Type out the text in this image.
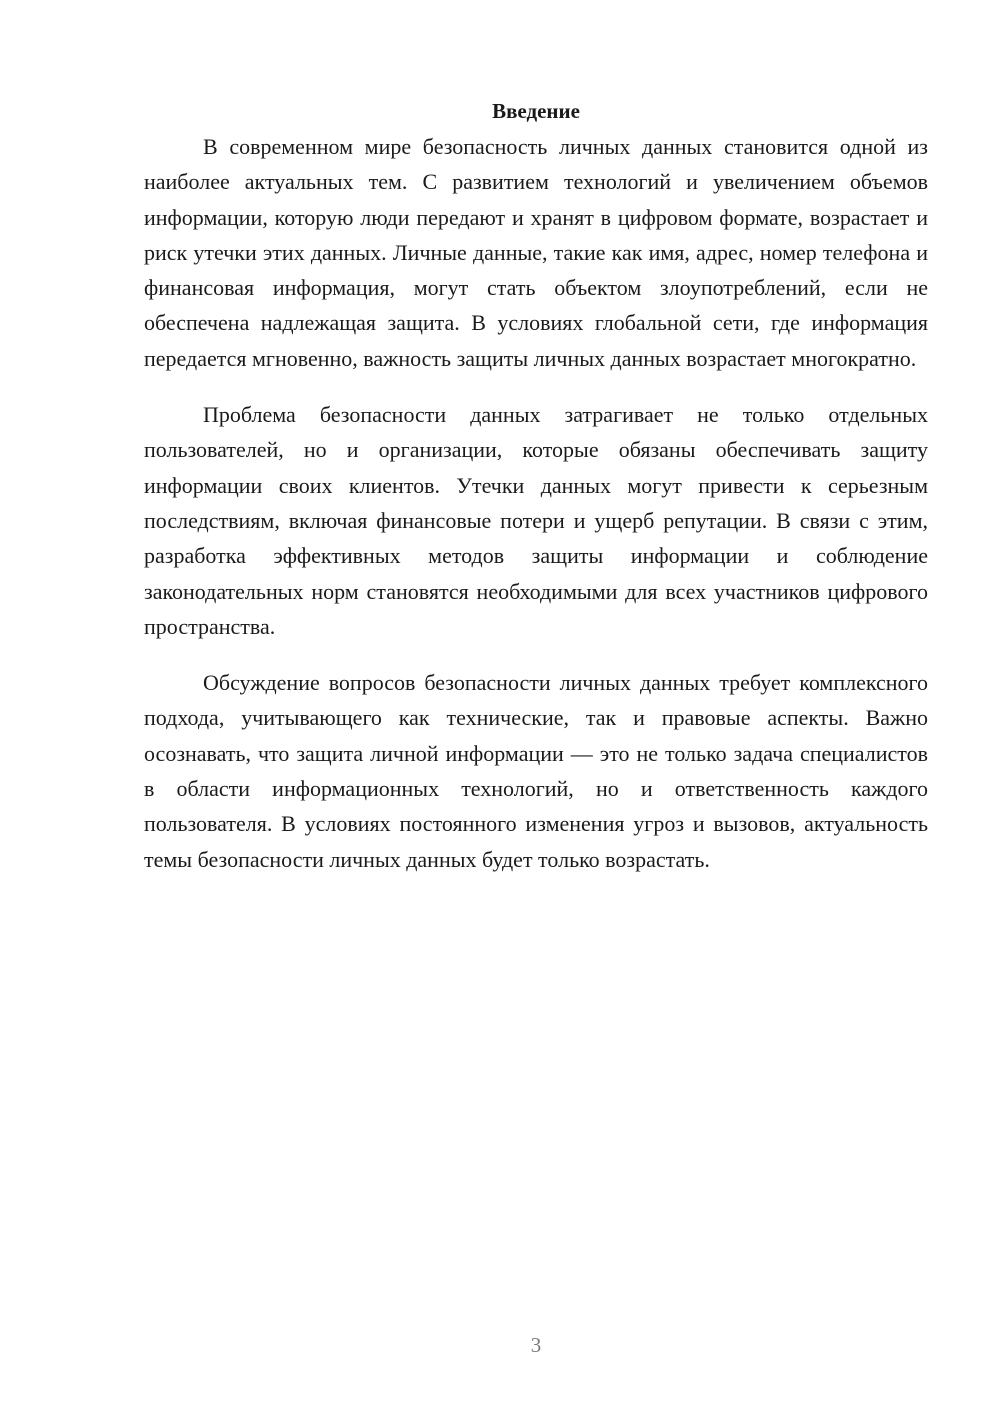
Введение

В современном мире безопасность личных данных становится одной из наиболее актуальных тем. С развитием технологий и увеличением объемов информации, которую люди передают и хранят в цифровом формате, возрастает и риск утечки этих данных. Личные данные, такие как имя, адрес, номер телефона и финансовая информация, могут стать объектом злоупотреблений, если не обеспечена надлежащая защита. В условиях глобальной сети, где информация передается мгновенно, важность защиты личных данных возрастает многократно.

Проблема безопасности данных затрагивает не только отдельных пользователей, но и организации, которые обязаны обеспечивать защиту информации своих клиентов. Утечки данных могут привести к серьезным последствиям, включая финансовые потери и ущерб репутации. В связи с этим, разработка эффективных методов защиты информации и соблюдение законодательных норм становятся необходимыми для всех участников цифрового пространства.

Обсуждение вопросов безопасности личных данных требует комплексного подхода, учитывающего как технические, так и правовые аспекты. Важно осознавать, что защита личной информации — это не только задача специалистов в области информационных технологий, но и ответственность каждого пользователя. В условиях постоянного изменения угроз и вызовов, актуальность темы безопасности личных данных будет только возрастать.

3
